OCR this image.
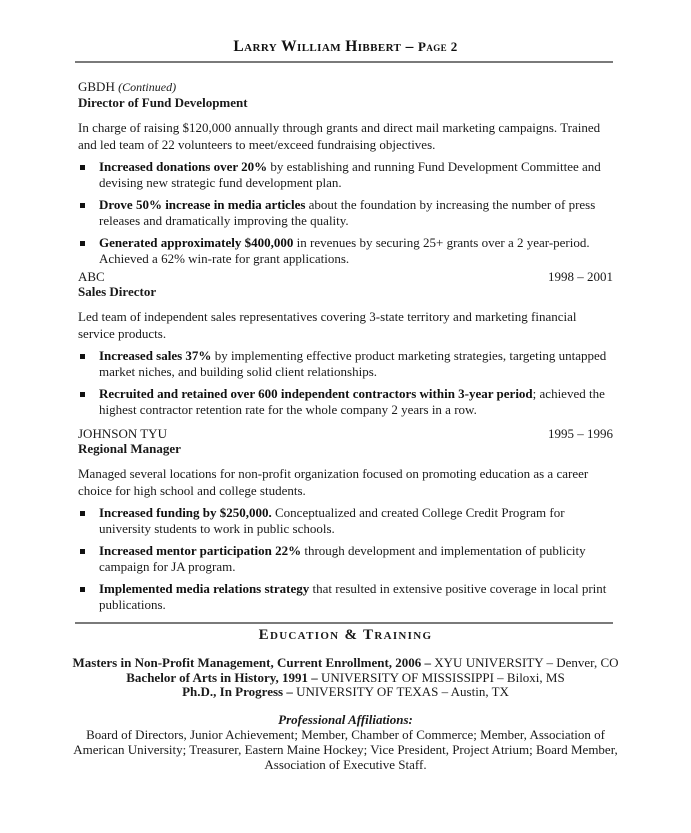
Larry William Hibbert – Page 2
GBDH (Continued)
Director of Fund Development
In charge of raising $120,000 annually through grants and direct mail marketing campaigns. Trained and led team of 22 volunteers to meet/exceed fundraising objectives.
Increased donations over 20% by establishing and running Fund Development Committee and devising new strategic fund development plan.
Drove 50% increase in media articles about the foundation by increasing the number of press releases and dramatically improving the quality.
Generated approximately $400,000 in revenues by securing 25+ grants over a 2 year-period. Achieved a 62% win-rate for grant applications.
ABC	1998 – 2001
Sales Director
Led team of independent sales representatives covering 3-state territory and marketing financial service products.
Increased sales 37% by implementing effective product marketing strategies, targeting untapped market niches, and building solid client relationships.
Recruited and retained over 600 independent contractors within 3-year period; achieved the highest contractor retention rate for the whole company 2 years in a row.
JOHNSON TYU	1995 – 1996
Regional Manager
Managed several locations for non-profit organization focused on promoting education as a career choice for high school and college students.
Increased funding by $250,000. Conceptualized and created College Credit Program for university students to work in public schools.
Increased mentor participation 22% through development and implementation of publicity campaign for JA program.
Implemented media relations strategy that resulted in extensive positive coverage in local print publications.
Education & Training
Masters in Non-Profit Management, Current Enrollment, 2006 – XYU UNIVERSITY – Denver, CO
Bachelor of Arts in History, 1991 – UNIVERSITY OF MISSISSIPPI – Biloxi, MS
Ph.D., In Progress – UNIVERSITY OF TEXAS – Austin, TX
Professional Affiliations:
Board of Directors, Junior Achievement; Member, Chamber of Commerce; Member, Association of American University; Treasurer, Eastern Maine Hockey; Vice President, Project Atrium; Board Member, Association of Executive Staff.
